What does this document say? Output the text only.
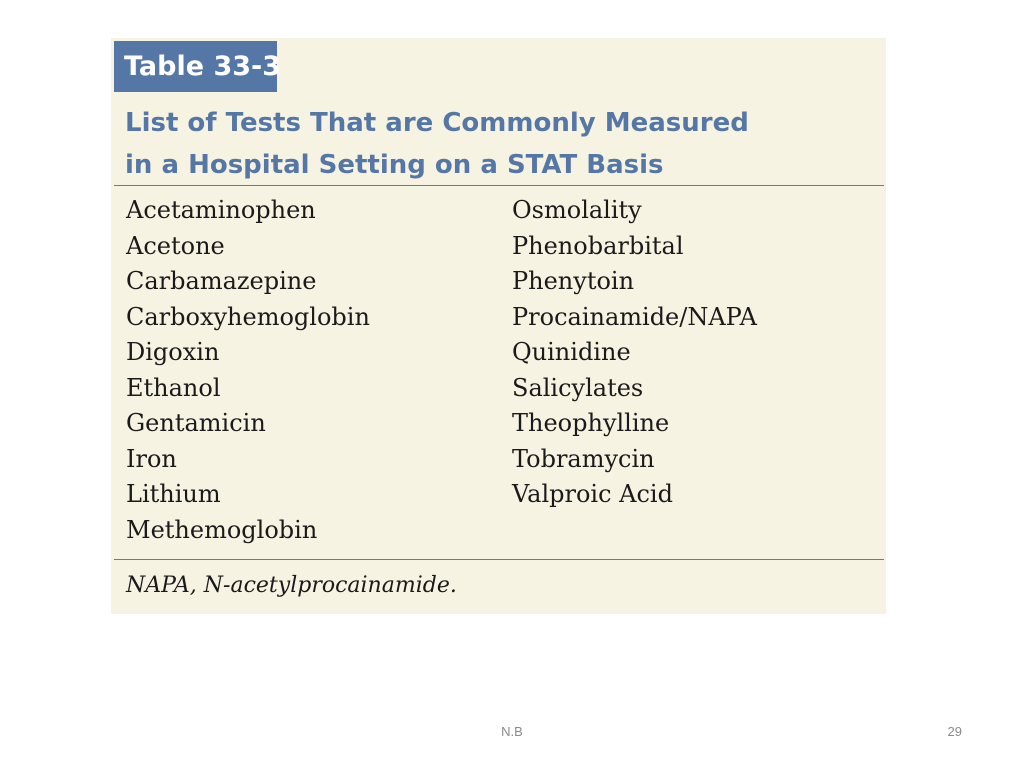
Table 33-3
List of Tests That are Commonly Measured
in a Hospital Setting on a STAT Basis
Acetaminophen
Acetone
Carbamazepine
Carboxyhemoglobin
Digoxin
Ethanol
Gentamicin
Iron
Lithium
Methemoglobin
Osmolality
Phenobarbital
Phenytoin
Procainamide/NAPA
Quinidine
Salicylates
Theophylline
Tobramycin
Valproic Acid
NAPA, N-acetylprocainamide.
N.B	29
